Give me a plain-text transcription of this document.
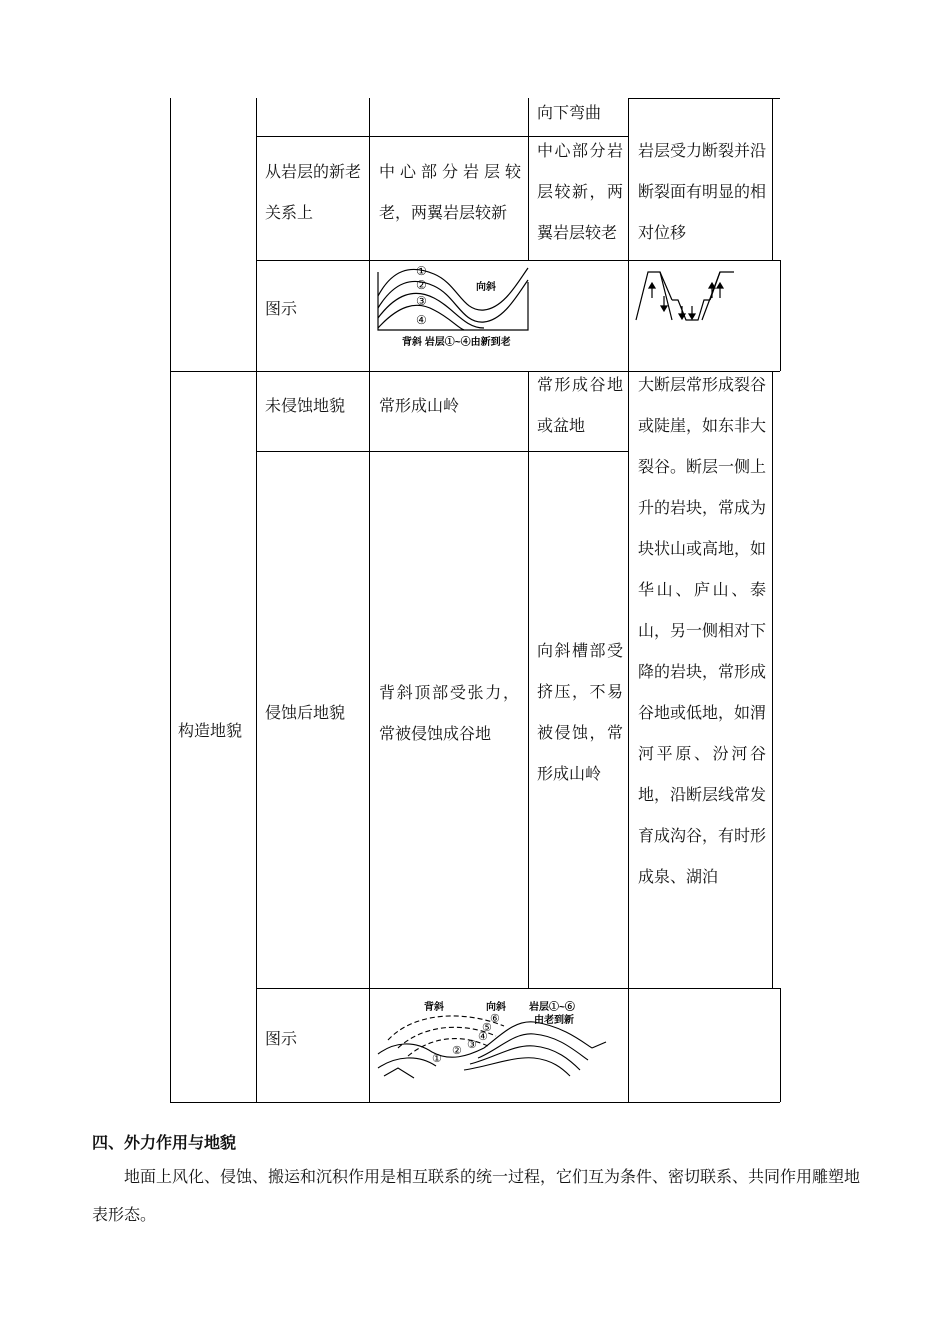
向下弯曲
从岩层的新老关系上
中心部分岩层较老，两翼岩层较新
中心部分岩层较新，两翼岩层较老
岩层受力断裂并沿断裂面有明显的相对位移
图示
①
②
③
④
向斜
背斜 岩层①~④由新到老
构造地貌
未侵蚀地貌	常形成山岭
常形成谷地或盆地
大断层常形成裂谷或陡崖，如东非大裂谷。断层一侧上升的岩块，常成为块状山或高地，如华山、庐山、泰山，另一侧相对下降的岩块，常形成谷地或低地，如渭河平原、汾河谷地，沿断层线常发育成沟谷，有时形成泉、湖泊
侵蚀后地貌
背斜顶部受张力，常被侵蚀成谷地
向斜槽部受挤压，不易被侵蚀，常形成山岭
图示
背斜	向斜 岩层①~⑥
由老到新
①
② ③
④
⑤
⑥
四、外力作用与地貌
地面上风化、侵蚀、搬运和沉积作用是相互联系的统一过程，它们互为条件、密切联系、共同作用雕塑地表形态。
